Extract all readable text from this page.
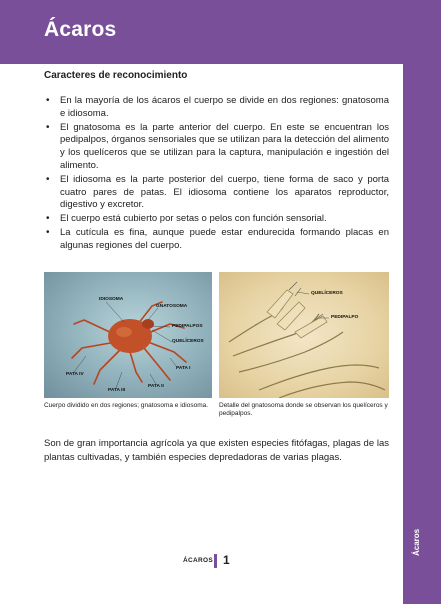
Ácaros
Ácaros
Caracteres de reconocimiento
• En la mayoría de los ácaros el cuerpo se divide en dos regiones: gnatosoma e idiosoma.
• El gnatosoma es la parte anterior del cuerpo. En este se encuentran los pedipalpos, órganos sensoriales que se utilizan para la detección del alimento y los quelíceros que se utilizan para la captura, manipulación e ingestión del alimento.
• El idiosoma es la parte posterior del cuerpo, tiene forma de saco y porta cuatro pares de patas. El idiosoma contiene los aparatos reproductor, digestivo y excretor.
• El cuerpo está cubierto por setas o pelos con función sensorial.
• La cutícula es fina, aunque puede estar endurecida formando placas en algunas regiones del cuerpo.
IDIOSOMA
GNATOSOMA
PEDIPALPOS
QUELÍCEROS
PATA I
PATA II
PATA III
PATA IV
Cuerpo dividido en dos regiones; gnatosoma e idiosoma.
QUELÍCEROS
PEDIPALPO
Detalle del gnatosoma donde se observan los quelíceros y pedipalpos.
Son de gran importancia agrícola ya que existen especies fitófagas, plagas de las plantas cultivadas, y también especies depredadoras de varias plagas.
ÁCAROS 1
